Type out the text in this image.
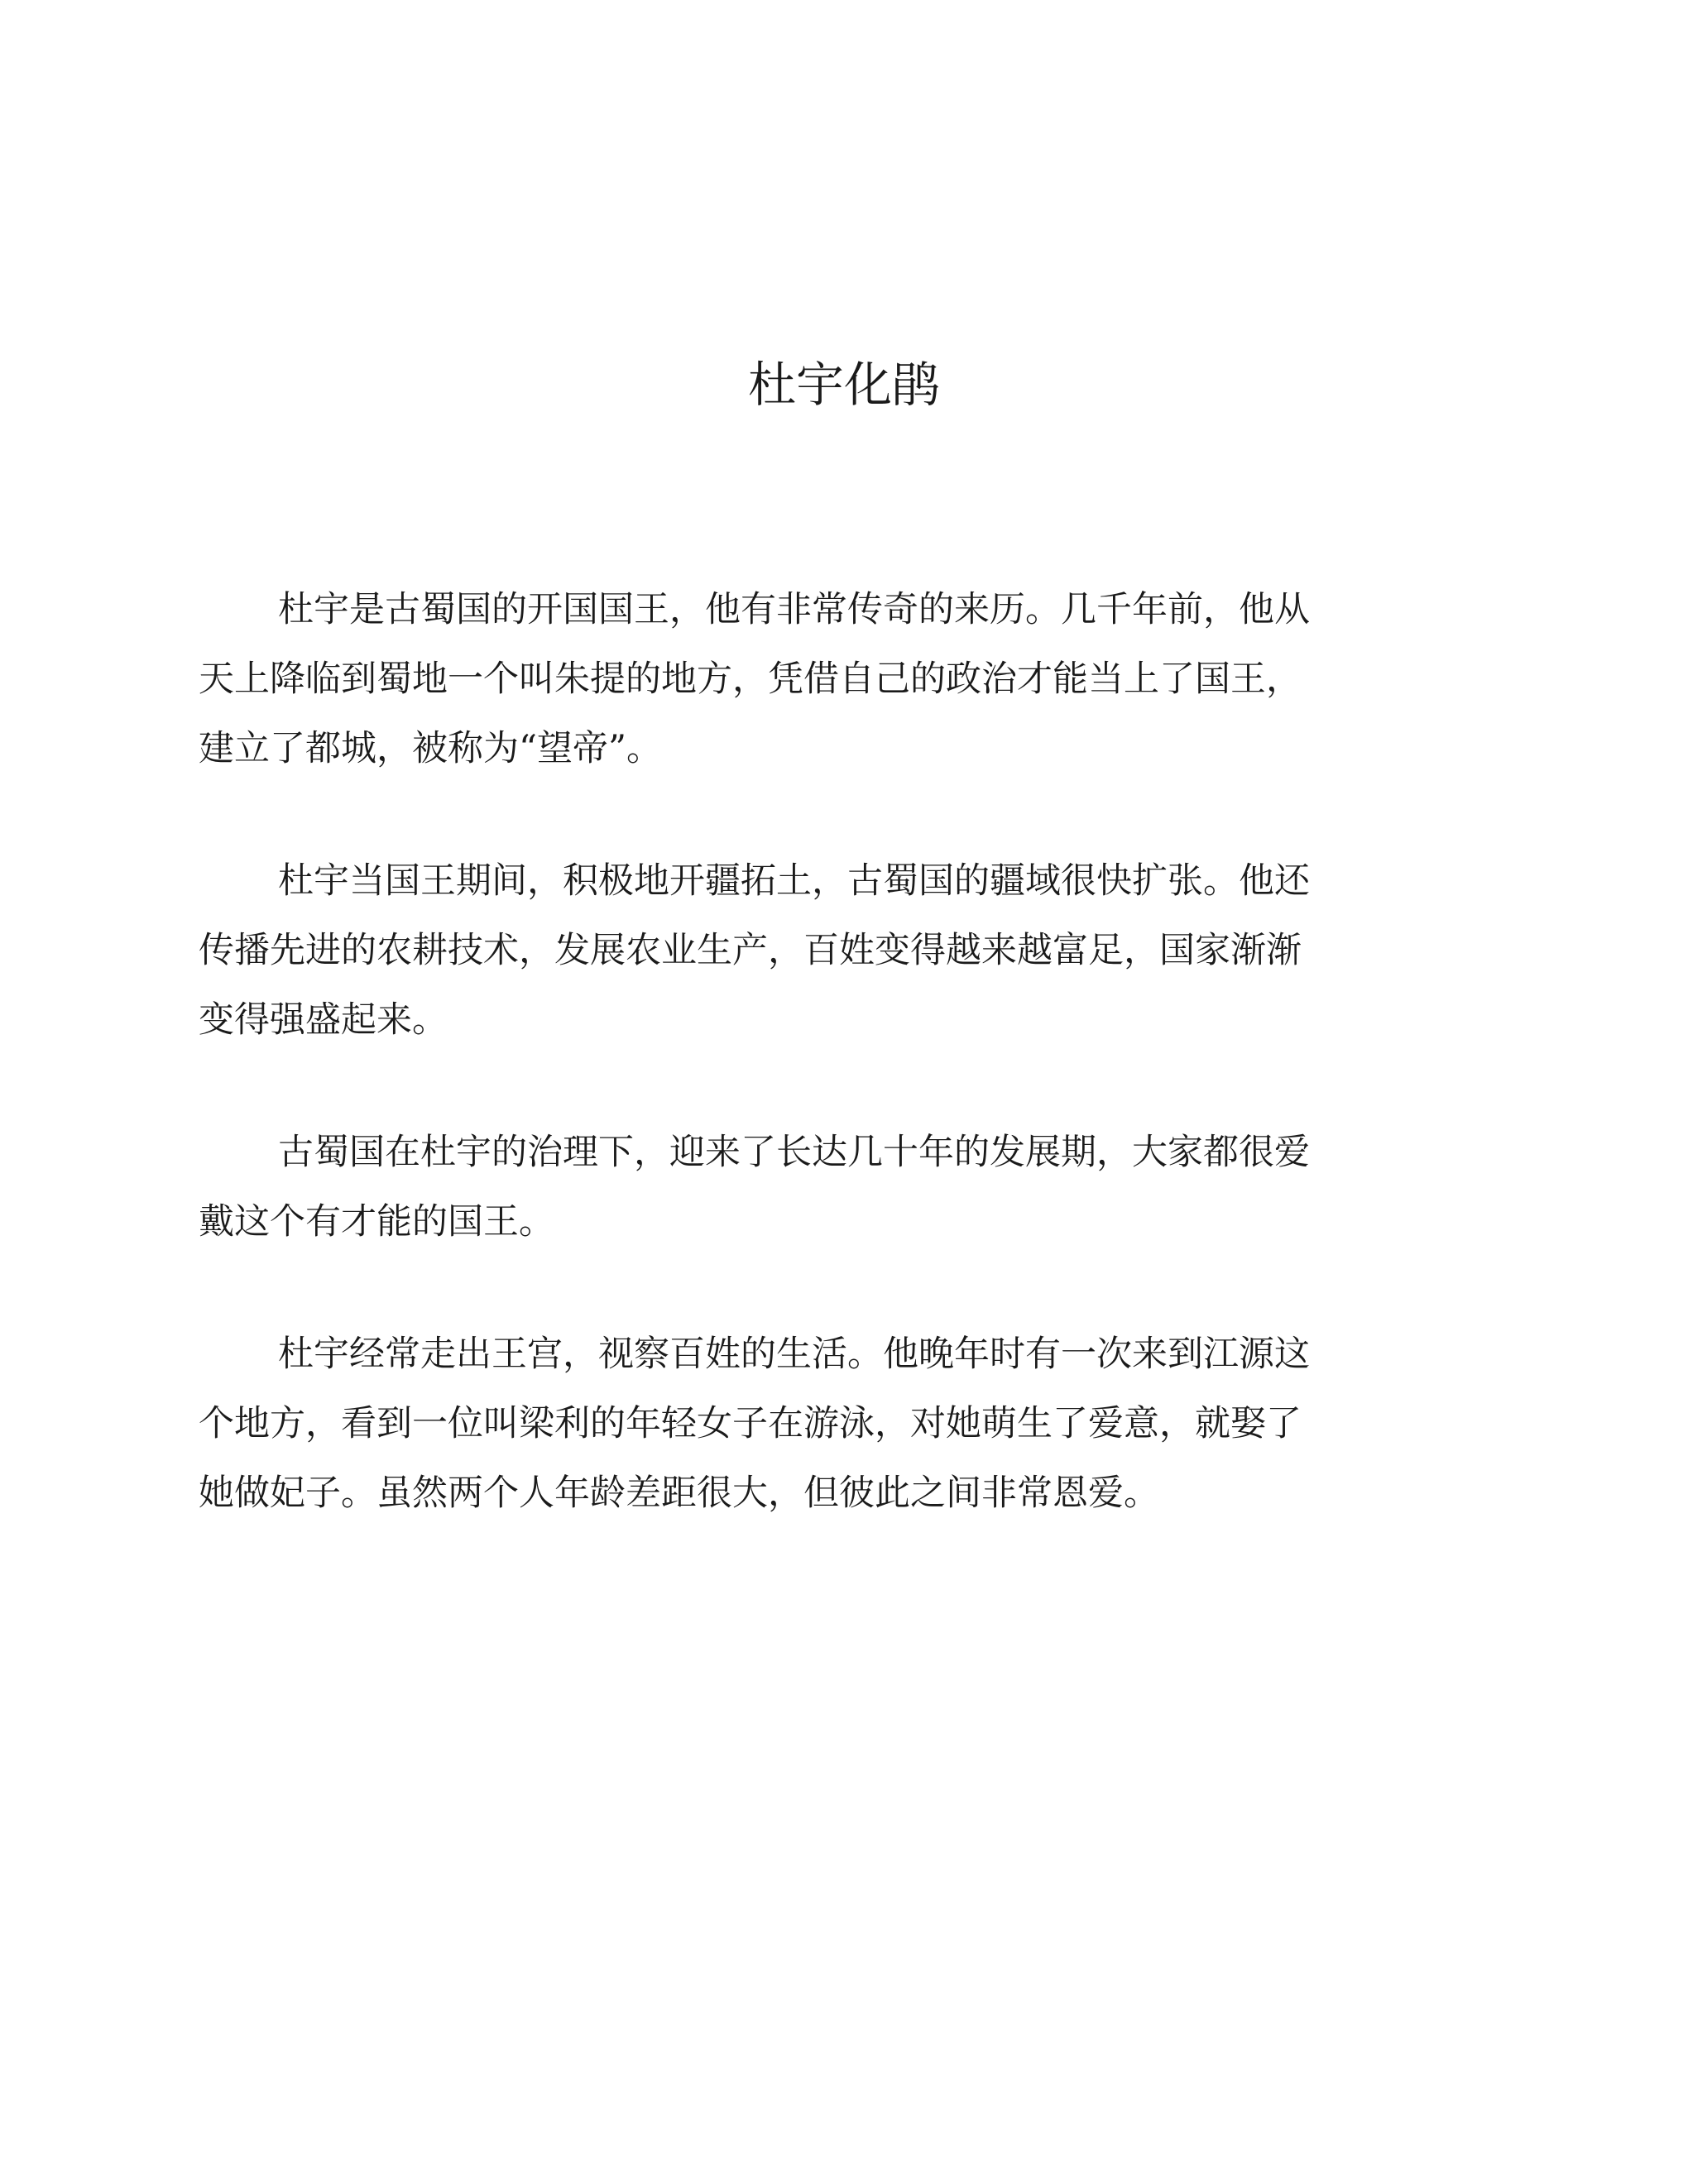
杜宇化鹃

杜宇是古蜀国的开国国王，他有非常传奇的来历。几千年前，他从
天上降临到蜀地一个叫朱提的地方，凭借自己的政治才能当上了国王，
建立了都城，被称为“望帝”。

杜宇当国王期间，积极地开疆拓土，古蜀国的疆域很快扩张。他还
传播先进的农耕技术，发展农业生产，百姓变得越来越富足，国家渐渐
变得强盛起来。

古蜀国在杜宇的治理下，迎来了长达几十年的发展期，大家都很爱
戴这个有才能的国王。

杜宇经常走出王宫，视察百姓的生活。他晚年时有一次来到江源这
个地方，看到一位叫梁利的年轻女子在游泳，对她萌生了爱意，就娶了
她做妃子。虽然两个人年龄差距很大，但彼此之间非常恩爱。
